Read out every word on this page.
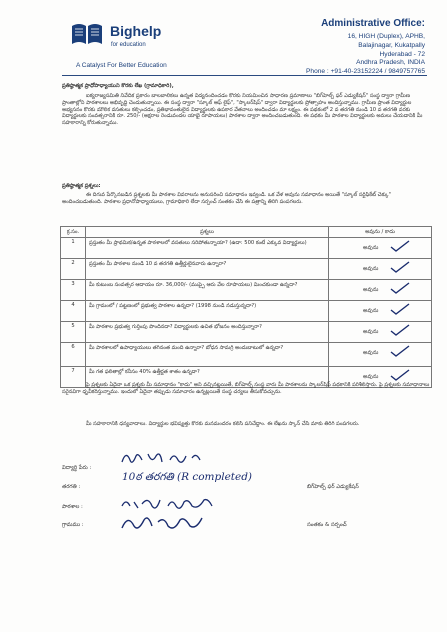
Bighelp
for education
A Catalyst For Better Education
Administrative Office:
16, HIGH (Duplex), APHB,
Balajinagar, Kukatpally
Hyderabad - 72
Andhra Pradesh, INDIA
Phone : +91-40-23152224 / 9849757765
ప్రతిష్ఠాత్మక ప్రాధోపాధ్యాయుని కొరకు లేఖ (గ్రామాధికారి),
ఐక్యరాజ్యసమితి నివేదిక ప్రకారం బాలబాలికలు ఉన్నత విద్యనందించడం కొరకు నియమించిన సాధారణ ప్రమాణాలు "బిగ్‌హెల్ప్ ఫర్ ఎడ్యుకేషన్" సంస్థ ద్వారా గ్రామీణ ప్రాంతాల్లోని పాఠశాలలు అభివృద్ధి చెందుతున్నాయి. ఈ సంస్థ ద్వారా "స్కూల్ ఆఫ్ లైఫ్", "స్కాలర్‌షిప్" ద్వారా విద్యార్థులకు ప్రోత్సాహం అందిస్తున్నాము. గ్రామీణ ప్రాంత విద్యార్థుల అభ్యసనం కొరకు మౌలిక వసతులు కల్పించడం, ప్రతిభావంతులైన విద్యార్థులకు ఉపకార వేతనాలు అందించడం మా లక్ష్యం. ఈ పథకంలో 2 వ తరగతి నుండి 10 వ తరగతి వరకు విద్యార్థులకు సంవత్సరానికి రూ. 250/- (అక్షరాల రెండువందల యాభై రూపాయలు) పాఠశాల ద్వారా అందించబడుతుంది. ఈ పథకం మీ పాఠశాల విద్యార్థులకు అమలు చేయడానికి మీ సహకారాన్ని కోరుతున్నాము.
ప్రతిష్ఠాత్మక ప్రశ్నలు:
ఈ దిగువ పేర్కొనబడిన ప్రశ్నలకు మీ పాఠశాల వివరాలను అనుసరించి సమాధానం ఇవ్వండి. ఒక వేళ అవును సమాధానం అయితే "స్కూల్ సర్టిఫికేట్ చెక్కు" అందించబడుతుంది. పాఠశాల ప్రధానోపాధ్యాయులు, గ్రామాధికారి లేదా సర్పంచ్ సంతకం చేసి ఈ పత్రాన్ని తిరిగి పంపగలరు.
క్ర.సం.	ప్రశ్నలు	అవును / కాదు
1	ప్రస్తుతం మీ ప్రాథమిక/ఉన్నత పాఠశాలలో వసతులు సరిపోతున్నాయా? (ఉదా: 500 కంటే ఎక్కువ విద్యార్థులు)	అవును

2	ప్రస్తుతం మీ పాఠశాల నుండి 10 వ తరగతి ఉత్తీర్ణులైనవారు ఉన్నారా?	అవును

3	మీ కుటుంబ సంవత్సర ఆదాయం రూ. 36,000/- (ముప్పై ఆరు వేల రూపాయలు) మించకుండా ఉన్నదా?	అవును

4	మీ గ్రామంలో / పట్టణంలో ప్రభుత్వ పాఠశాల ఉన్నదా? (1998 నుండి నడుస్తున్నదా?)	అవును

5	మీ పాఠశాల ప్రభుత్వ గుర్తింపు పొందినదా? విద్యార్థులకు ఉచిత భోజనం అందిస్తున్నారా?	అవును

6	మీ పాఠశాలలో ఉపాధ్యాయులు తగినంత మంది ఉన్నారా? బోధన సామగ్రి అందుబాటులో ఉన్నదా?	అవును

7	మీ గత ఫలితాల్లో కనీసం 40% ఉత్తీర్ణత శాతం ఉన్నదా?	అవును
పై ప్రశ్నలకు ఏదైనా ఒక ప్రశ్నకు మీ సమాధానం "కాదు" అని వచ్చినట్లయితే, బిగ్‌హెల్ప్ సంస్థ వారు మీ పాఠశాలను స్కాలర్‌షిప్ పథకానికి పరిశీలిస్తారు. పై ప్రశ్నలకు సమాధానాలు సరైనవిగా ధృవీకరిస్తున్నాము. ఇందులో ఏదైనా తప్పుడు సమాచారం ఉన్నట్లయితే సంస్థ చర్యలు తీసుకోవచ్చును.
మీ సహకారానికి ధన్యవాదాలు. విద్యార్థుల భవిష్యత్తు కొరకు మనమందరం కలిసి పనిచేద్దాం. ఈ లేఖను స్కాన్ చేసి మాకు తిరిగి పంపగలరు.
విద్యార్థి పేరు :
తరగతి :
పాఠశాల :
గ్రామము :
10ఠ తరగతి (R completed)
బిగ్‌హెల్ప్ ఫర్ ఎడ్యుకేషన్
సంతకం & సర్పంచ్
